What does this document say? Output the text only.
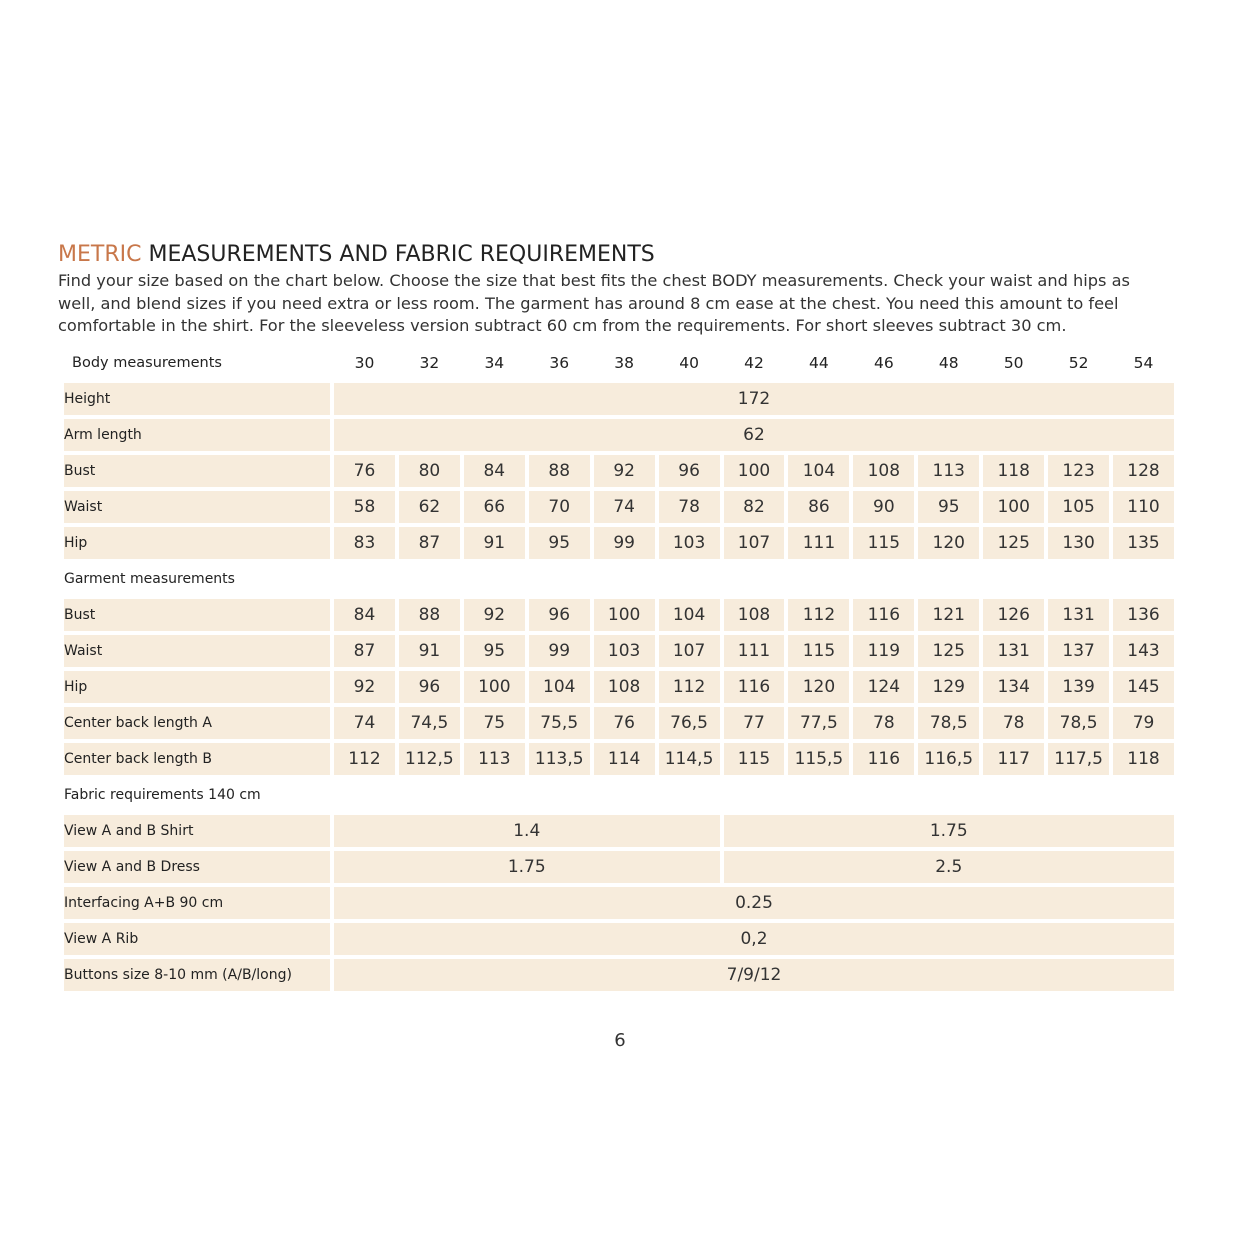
METRIC MEASUREMENTS AND FABRIC REQUIREMENTS

Find your size based on the chart below. Choose the size that best fits the chest BODY measurements. Check your waist and hips as

well, and blend sizes if you need extra or less room. The garment has around 8 cm ease at the chest. You need this amount to feel

comfortable in the shirt. For the sleeveless version subtract 60 cm from the requirements. For short sleeves subtract 30 cm.

Body measurements	30	32	34	36	38	40	42	44	46	48	50	52	54
Height	172												
Arm length	62												
Bust	76	80	84	88	92	96	100	104	108	113	118	123	128
Waist	58	62	66	70	74	78	82	86	90	95	100	105	110
Hip	83	87	91	95	99	103	107	111	115	120	125	130	135
Garment measurements													
Bust	84	88	92	96	100	104	108	112	116	121	126	131	136
Waist	87	91	95	99	103	107	111	115	119	125	131	137	143
Hip	92	96	100	104	108	112	116	120	124	129	134	139	145
Center back length A	74	74,5	75	75,5	76	76,5	77	77,5	78	78,5	78	78,5	79
Center back length B	112	112,5	113	113,5	114	114,5	115	115,5	116	116,5	117	117,5	118
Fabric requirements 140 cm													
View A and B Shirt	1.4						1.75						
View A and B Dress	1.75						2.5						
Interfacing A+B 90 cm	0.25												
View A Rib	0,2												
Buttons size 8-10 mm (A/B/long)	7/9/12												
6
